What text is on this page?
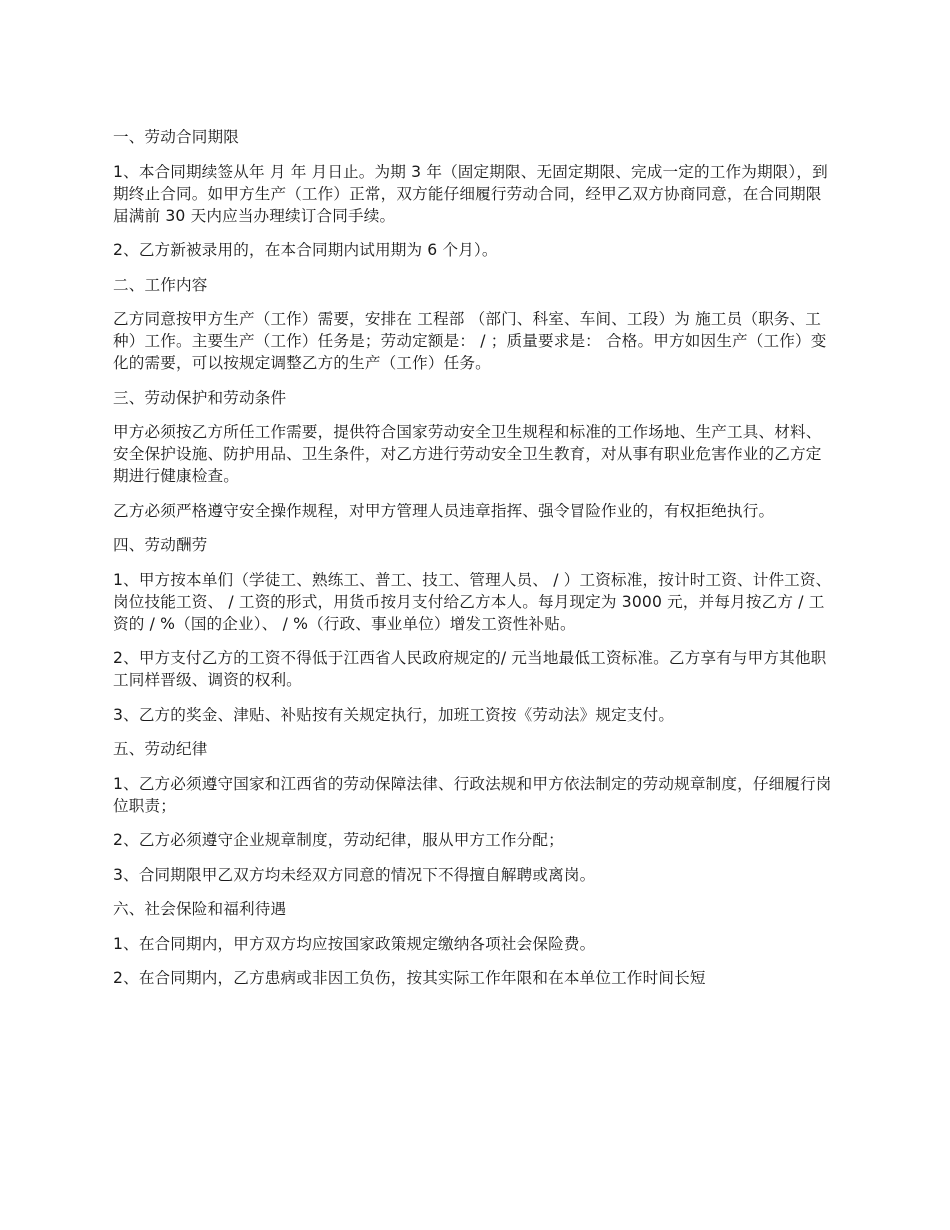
一、劳动合同期限

1、本合同期续签从年 月 年 月日止。为期 3 年（固定期限、无固定期限、完成一定的工作为期限），到期终止合同。如甲方生产（工作）正常，双方能仔细履行劳动合同，经甲乙双方协商同意，在合同期限届满前 30 天内应当办理续订合同手续。

2、乙方新被录用的，在本合同期内试用期为 6 个月）。

二、工作内容

乙方同意按甲方生产（工作）需要，安排在 工程部 （部门、科室、车间、工段）为 施工员（职务、工种）工作。主要生产（工作）任务是；劳动定额是： / ；质量要求是： 合格。甲方如因生产（工作）变化的需要，可以按规定调整乙方的生产（工作）任务。

三、劳动保护和劳动条件

甲方必须按乙方所任工作需要，提供符合国家劳动安全卫生规程和标准的工作场地、生产工具、材料、安全保护设施、防护用品、卫生条件，对乙方进行劳动安全卫生教育，对从事有职业危害作业的乙方定期进行健康检查。

乙方必须严格遵守安全操作规程，对甲方管理人员违章指挥、强令冒险作业的，有权拒绝执行。

四、劳动酬劳

1、甲方按本单们（学徒工、熟练工、普工、技工、管理人员、 / ）工资标准，按计时工资、计件工资、岗位技能工资、 / 工资的形式，用货币按月支付给乙方本人。每月现定为 3000 元，并每月按乙方 / 工资的 / %（国的企业）、 / %（行政、事业单位）增发工资性补贴。

2、甲方支付乙方的工资不得低于江西省人民政府规定的/ 元当地最低工资标准。乙方享有与甲方其他职工同样晋级、调资的权利。

3、乙方的奖金、津贴、补贴按有关规定执行，加班工资按《劳动法》规定支付。

五、劳动纪律

1、乙方必须遵守国家和江西省的劳动保障法律、行政法规和甲方依法制定的劳动规章制度，仔细履行岗位职责；

2、乙方必须遵守企业规章制度，劳动纪律，服从甲方工作分配；

3、合同期限甲乙双方均未经双方同意的情况下不得擅自解聘或离岗。

六、社会保险和福利待遇

1、在合同期内，甲方双方均应按国家政策规定缴纳各项社会保险费。

2、在合同期内，乙方患病或非因工负伤，按其实际工作年限和在本单位工作时间长短
